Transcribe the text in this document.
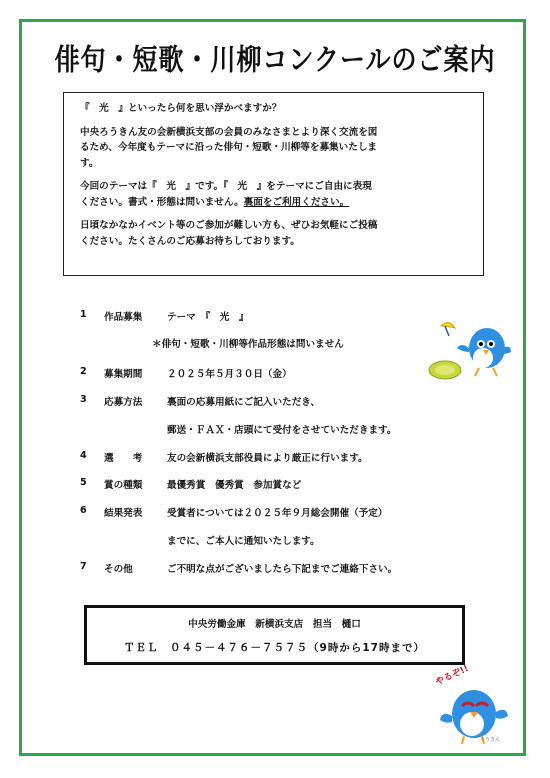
俳句・短歌・川柳コンクールのご案内

『　光　』といったら何を思い浮かべますか？

中央ろうきん友の会新横浜支部の会員のみなさまとより深く交流を図
るため、今年度もテーマに沿った俳句・短歌・川柳等を募集いたしま
す。

今回のテーマは『　光　』です。『　光　』をテーマにご自由に表現
ください。書式・形態は問いません。裏面をご利用ください。

日頃なかなかイベント等のご参加が難しい方も、ぜひお気軽にご投稿
ください。たくさんのご応募お待ちしております。

1 作品募集	テーマ　『　光　』
＊俳句・短歌・川柳等作品形態は問いません
2 募集期間	２０２５年５月３０日（金）
3 応募方法	裏面の応募用紙にご記入いただき、
郵送・ＦＡＸ・店頭にて受付をさせていただきます。
4 選　　考	友の会新横浜支部役員により厳正に行います。
5 賞の種類	最優秀賞　優秀賞　参加賞など
6 結果発表	受賞者については２０２５年９月総会開催（予定）
までに、ご本人に通知いたします。
7 その他	ご不明な点がございましたら下記までご連絡下さい。
中央労働金庫　新横浜支店　担当　樋口
ＴＥＬ　０４５－４７６－７５７５（9時から17時まで）
やるぞ!!
ろうきん
